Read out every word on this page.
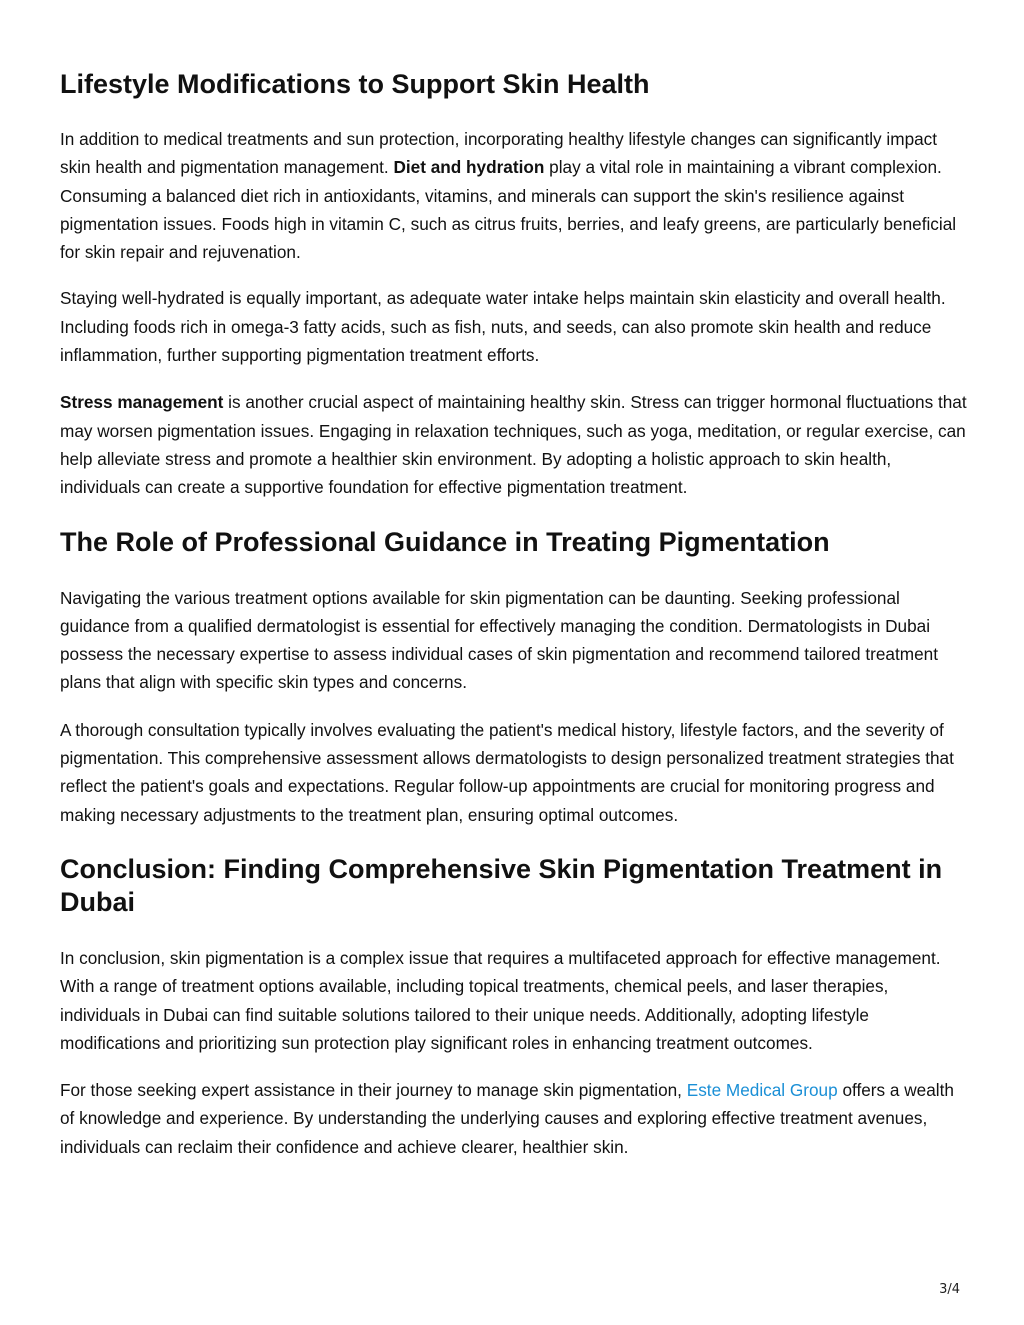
Lifestyle Modifications to Support Skin Health

In addition to medical treatments and sun protection, incorporating healthy lifestyle changes can significantly impact skin health and pigmentation management. Diet and hydration play a vital role in maintaining a vibrant complexion. Consuming a balanced diet rich in antioxidants, vitamins, and minerals can support the skin's resilience against pigmentation issues. Foods high in vitamin C, such as citrus fruits, berries, and leafy greens, are particularly beneficial for skin repair and rejuvenation.

Staying well-hydrated is equally important, as adequate water intake helps maintain skin elasticity and overall health. Including foods rich in omega-3 fatty acids, such as fish, nuts, and seeds, can also promote skin health and reduce inflammation, further supporting pigmentation treatment efforts.

Stress management is another crucial aspect of maintaining healthy skin. Stress can trigger hormonal fluctuations that may worsen pigmentation issues. Engaging in relaxation techniques, such as yoga, meditation, or regular exercise, can help alleviate stress and promote a healthier skin environment. By adopting a holistic approach to skin health, individuals can create a supportive foundation for effective pigmentation treatment.

The Role of Professional Guidance in Treating Pigmentation

Navigating the various treatment options available for skin pigmentation can be daunting. Seeking professional guidance from a qualified dermatologist is essential for effectively managing the condition. Dermatologists in Dubai possess the necessary expertise to assess individual cases of skin pigmentation and recommend tailored treatment plans that align with specific skin types and concerns.

A thorough consultation typically involves evaluating the patient's medical history, lifestyle factors, and the severity of pigmentation. This comprehensive assessment allows dermatologists to design personalized treatment strategies that reflect the patient's goals and expectations. Regular follow-up appointments are crucial for monitoring progress and making necessary adjustments to the treatment plan, ensuring optimal outcomes.

Conclusion: Finding Comprehensive Skin Pigmentation Treatment in Dubai

In conclusion, skin pigmentation is a complex issue that requires a multifaceted approach for effective management. With a range of treatment options available, including topical treatments, chemical peels, and laser therapies, individuals in Dubai can find suitable solutions tailored to their unique needs. Additionally, adopting lifestyle modifications and prioritizing sun protection play significant roles in enhancing treatment outcomes.

For those seeking expert assistance in their journey to manage skin pigmentation, Este Medical Group offers a wealth of knowledge and experience. By understanding the underlying causes and exploring effective treatment avenues, individuals can reclaim their confidence and achieve clearer, healthier skin.

3/4
